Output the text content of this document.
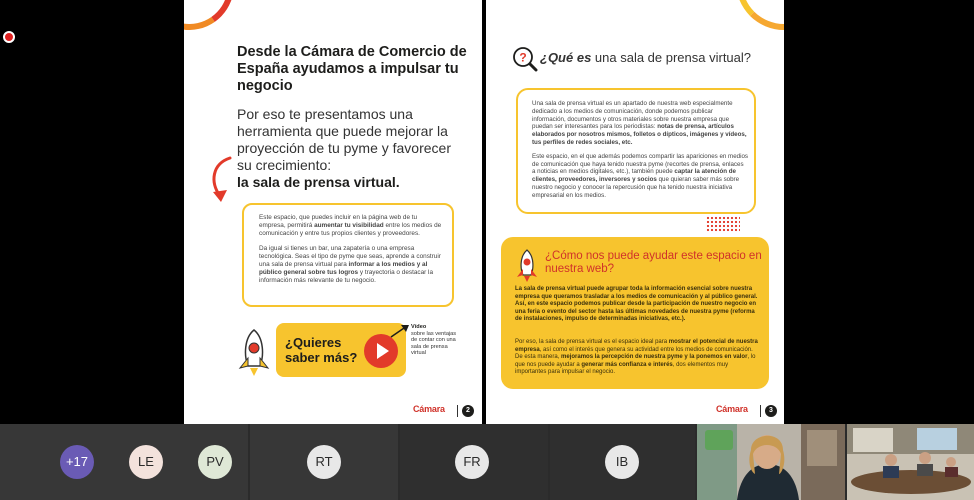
Desde la Cámara de Comercio de España ayudamos a impulsar tu negocio
Por eso te presentamos una herramienta que puede mejorar la proyección de tu pyme y favorecer su crecimiento:
la sala de prensa virtual.

Este espacio, que puedes incluir en la página web de tu empresa, permitirá aumentar tu visibilidad entre los medios de comunicación y entre tus propios clientes y proveedores.

Da igual si tienes un bar, una zapatería o una empresa tecnológica. Seas el tipo de pyme que seas, aprende a construir una sala de prensa virtual para informar a los medios y al público general sobre tus logros y trayectoria o destacar la información más relevante de tu negocio.

¿Quieres saber más?
Vídeo
sobre las ventajas de contar con una sala de prensa virtual
Cámara	2
? ¿Qué es una sala de prensa virtual?

Una sala de prensa virtual es un apartado de nuestra web especialmente dedicado a los medios de comunicación, donde podemos publicar información, documentos y otros materiales sobre nuestra empresa que puedan ser interesantes para los periodistas: notas de prensa, artículos elaborados por nosotros mismos, folletos o dípticos, imágenes y vídeos, tus perfiles de redes sociales, etc.

Este espacio, en el que además podemos compartir las apariciones en medios de comunicación que haya tenido nuestra pyme (recortes de prensa, enlaces a noticias en medios digitales, etc.), también puede captar la atención de clientes, proveedores, inversores y socios que quieran saber más sobre nuestro negocio y conocer la repercusión que ha tenido nuestra iniciativa empresarial en los medios.

¿Cómo nos puede ayudar este espacio en nuestra web?
La sala de prensa virtual puede agrupar toda la información esencial sobre nuestra empresa que queramos trasladar a los medios de comunicación y al público general. Así, en este espacio podemos publicar desde la participación de nuestro negocio en una feria o evento del sector hasta las últimas novedades de nuestra pyme (reforma de instalaciones, impulso de determinadas iniciativas, etc.).
Por eso, la sala de prensa virtual es el espacio ideal para mostrar el potencial de nuestra empresa, así como el interés que genera su actividad entre los medios de comunicación. De esta manera, mejoramos la percepción de nuestra pyme y la ponemos en valor, lo que nos puede ayudar a generar más confianza e interés, dos elementos muy importantes para impulsar el negocio.
Cámara	3
+17	LE	PV	RT	FR	IB
